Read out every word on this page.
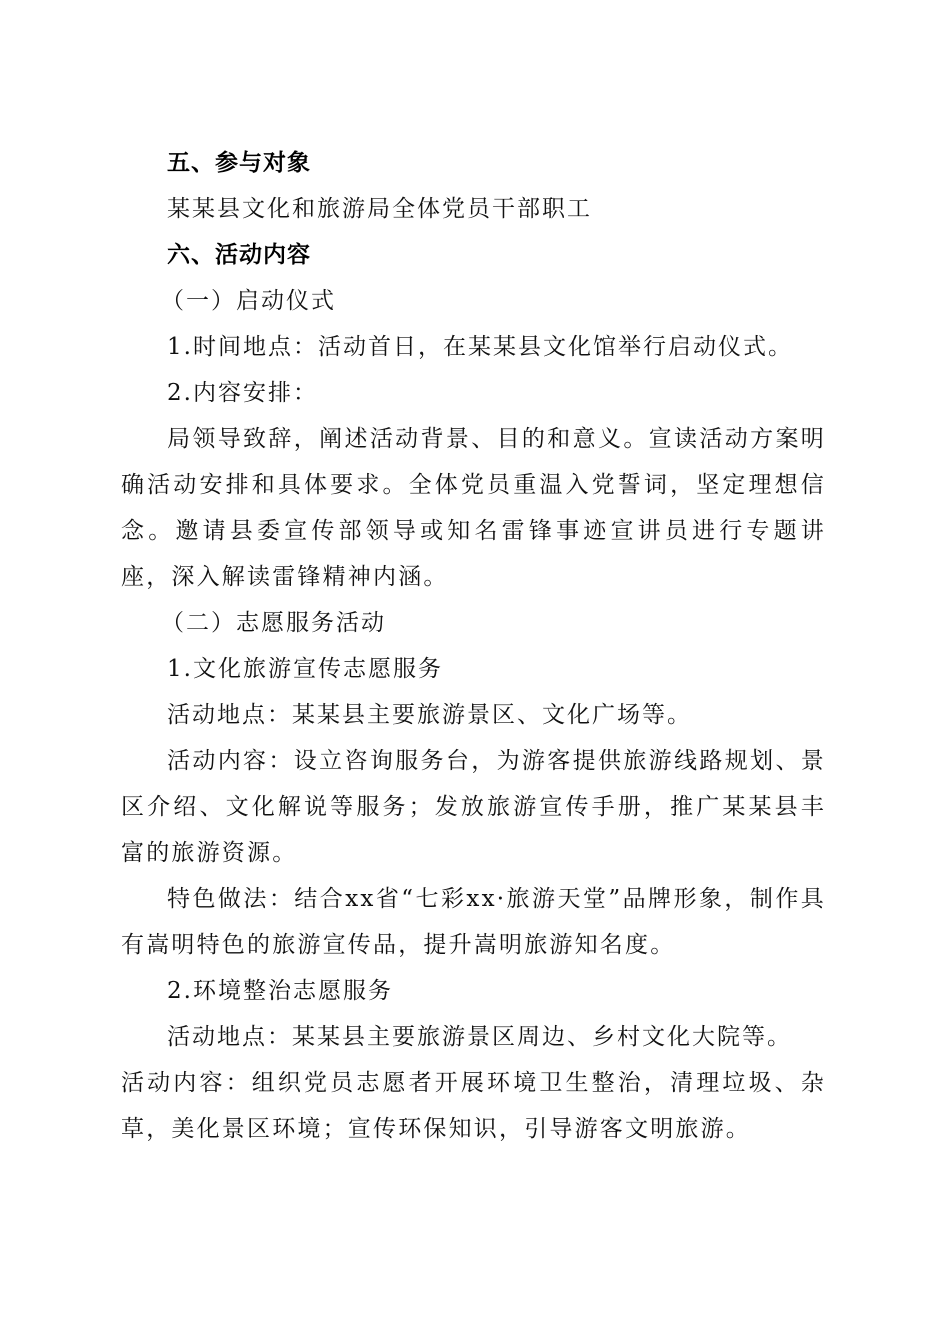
五、参与对象

某某县文化和旅游局全体党员干部职工

六、活动内容

（一）启动仪式

1.时间地点：活动首日，在某某县文化馆举行启动仪式。

2.内容安排：

局领导致辞，阐述活动背景、目的和意义。宣读活动方案明确活动安排和具体要求。全体党员重温入党誓词，坚定理想信念。邀请县委宣传部领导或知名雷锋事迹宣讲员进行专题讲座，深入解读雷锋精神内涵。

（二）志愿服务活动

1.文化旅游宣传志愿服务

活动地点：某某县主要旅游景区、文化广场等。

活动内容：设立咨询服务台，为游客提供旅游线路规划、景区介绍、文化解说等服务；发放旅游宣传手册，推广某某县丰富的旅游资源。

特色做法：结合xx省“七彩xx·旅游天堂”品牌形象，制作具有嵩明特色的旅游宣传品，提升嵩明旅游知名度。

2.环境整治志愿服务

活动地点：某某县主要旅游景区周边、乡村文化大院等。

活动内容：组织党员志愿者开展环境卫生整治，清理垃圾、杂草，美化景区环境；宣传环保知识，引导游客文明旅游。
